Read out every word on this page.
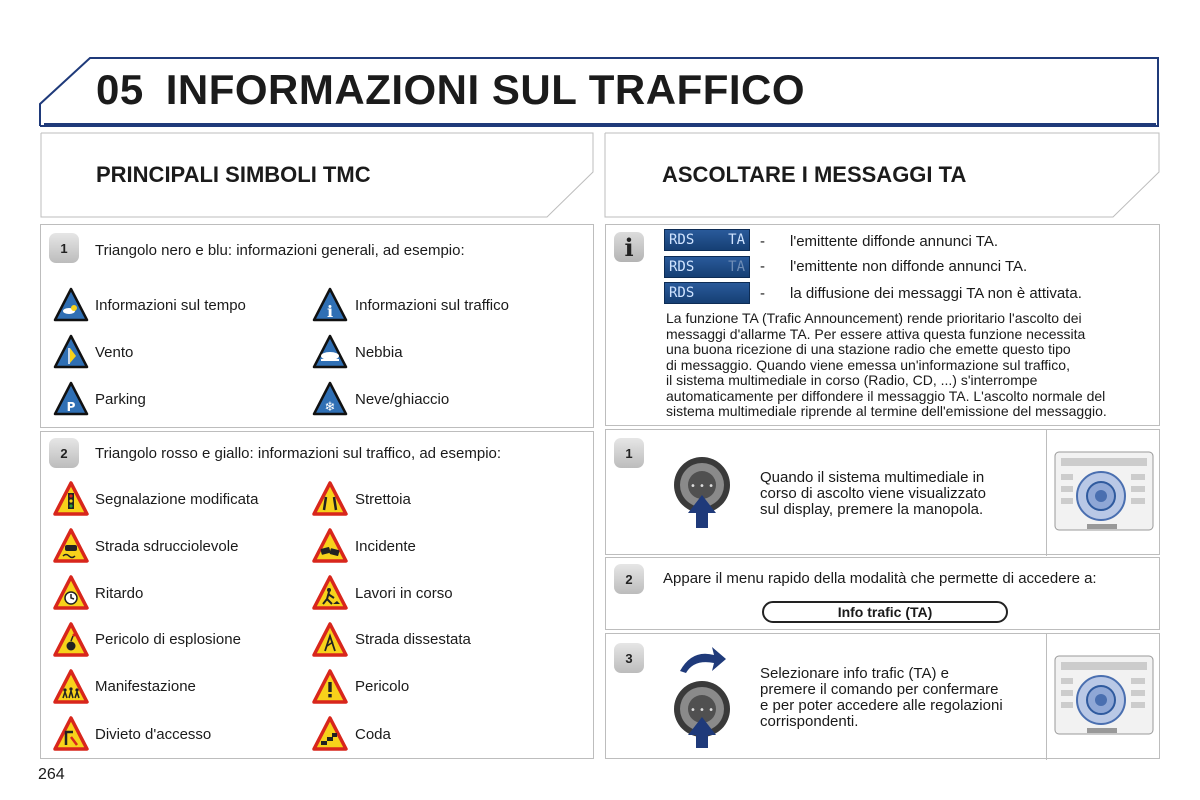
05 INFORMAZIONI SUL TRAFFICO
PRINCIPALI SIMBOLI TMC	ASCOLTARE I MESSAGGI TA
1	Triangolo nero e blu: informazioni generali, ad esempio:
Informazioni sul tempo	i Informazioni sul traffico
Vento	Nebbia
P Parking	❄ Neve/ghiaccio
2	Triangolo rosso e giallo: informazioni sul traffico, ad esempio:
Segnalazione modificata	Strettoia
Strada sdrucciolevole	Incidente
Ritardo	Lavori in corso
Pericolo di esplosione	Strada dissestata
Manifestazione	Pericolo
Divieto d'accesso	Coda
i	RDS TA - l'emittente diffonde annunci TA.
RDS TA - l'emittente non diffonde annunci TA.
RDS	- la diffusione dei messaggi TA non è attivata.
La funzione TA (Trafic Announcement) rende prioritario l'ascolto dei
messaggi d'allarme TA. Per essere attiva questa funzione necessita
una buona ricezione di una stazione radio che emette questo tipo
di messaggio. Quando viene emessa un'informazione sul traffico,
il sistema multimediale in corso (Radio, CD, ...) s'interrompe
automaticamente per diffondere il messaggio TA. L'ascolto normale del
sistema multimediale riprende al termine dell'emissione del messaggio.
1
• • •
Quando il sistema multimediale in
corso di ascolto viene visualizzato
sul display, premere la manopola.
2	Appare il menu rapido della modalità che permette di accedere a:
Info trafic (TA)
3
• • •
Selezionare info trafic (TA) e
premere il comando per confermare
e per poter accedere alle regolazioni
corrispondenti.
264
